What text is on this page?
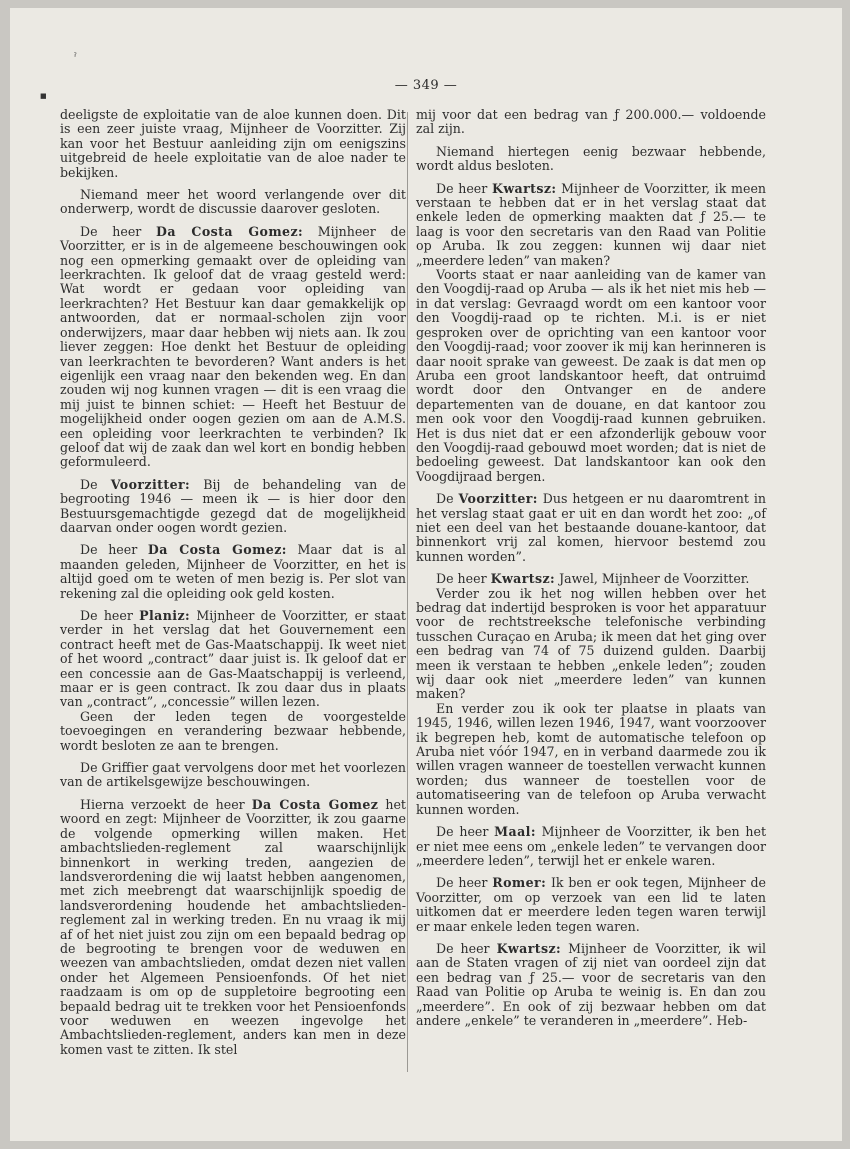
ˀ
■
— 349 —

deeligste de exploitatie van de aloe kunnen doen. Dit is een zeer juiste vraag, Mijnheer de Voorzitter. Zij kan voor het Bestuur aanleiding zijn om eenigszins uitgebreid de heele exploitatie van de aloe nader te bekijken.

Niemand meer het woord verlangende over dit onderwerp, wordt de discussie daarover gesloten.

De heer Da Costa Gomez: Mijnheer de Voorzitter, er is in de algemeene beschouwingen ook nog een opmerking gemaakt over de opleiding van leerkrachten. Ik geloof dat de vraag gesteld werd: Wat wordt er gedaan voor opleiding van leerkrachten? Het Bestuur kan daar gemakkelijk op antwoorden, dat er normaal-scholen zijn voor onderwijzers, maar daar hebben wij niets aan. Ik zou liever zeggen: Hoe denkt het Bestuur de opleiding van leerkrachten te bevorderen? Want anders is het eigenlijk een vraag naar den bekenden weg. En dan zouden wij nog kunnen vragen — dit is een vraag die mij juist te binnen schiet: — Heeft het Bestuur de mogelijkheid onder oogen gezien om aan de A.M.S. een opleiding voor leerkrachten te verbinden? Ik geloof dat wij de zaak dan wel kort en bondig hebben geformuleerd.

De Voorzitter: Bij de behandeling van de begrooting 1946 — meen ik — is hier door den Bestuursgemachtigde gezegd dat de mogelijkheid daarvan onder oogen wordt gezien.

De heer Da Costa Gomez: Maar dat is al maanden geleden, Mijnheer de Voorzitter, en het is altijd goed om te weten of men bezig is. Per slot van rekening zal die opleiding ook geld kosten.

De heer Planiz: Mijnheer de Voorzitter, er staat verder in het verslag dat het Gouvernement een contract heeft met de Gas-Maatschappij. Ik weet niet of het woord „contract” daar juist is. Ik geloof dat er een concessie aan de Gas-Maatschappij is verleend, maar er is geen contract. Ik zou daar dus in plaats van „contract”, „concessie” willen lezen.

Geen der leden tegen de voorgestelde toevoegingen en verandering bezwaar hebbende, wordt besloten ze aan te brengen.

De Griffier gaat vervolgens door met het voorlezen van de artikelsgewijze beschouwingen.

Hierna verzoekt de heer Da Costa Gomez het woord en zegt: Mijnheer de Voorzitter, ik zou gaarne de volgende opmerking willen maken. Het ambachtslieden-reglement zal waarschijnlijk binnenkort in werking treden, aangezien de landsverordening die wij laatst hebben aangenomen, met zich meebrengt dat waarschijnlijk spoedig de landsverordening houdende het ambachtslieden-reglement zal in werking treden. En nu vraag ik mij af of het niet juist zou zijn om een bepaald bedrag op de begrooting te brengen voor de weduwen en weezen van ambachtslieden, omdat dezen niet vallen onder het Algemeen Pensioenfonds. Of het niet raadzaam is om op de suppletoire begrooting een bepaald bedrag uit te trekken voor het Pensioenfonds voor weduwen en weezen ingevolge het Ambachtslieden-reglement, anders kan men in deze komen vast te zitten. Ik stel

mij voor dat een bedrag van ƒ 200.000.— voldoende zal zijn.

Niemand hiertegen eenig bezwaar hebbende, wordt aldus besloten.

De heer Kwartsz: Mijnheer de Voorzitter, ik meen verstaan te hebben dat er in het verslag staat dat enkele leden de opmerking maakten dat ƒ 25.— te laag is voor den secretaris van den Raad van Politie op Aruba. Ik zou zeggen: kunnen wij daar niet „meerdere leden” van maken?

Voorts staat er naar aanleiding van de kamer van den Voogdij-raad op Aruba — als ik het niet mis heb — in dat verslag: Gevraagd wordt om een kantoor voor den Voogdij-raad op te richten. M.i. is er niet gesproken over de oprichting van een kantoor voor den Voogdij-raad; voor zoover ik mij kan herinneren is daar nooit sprake van geweest. De zaak is dat men op Aruba een groot landskantoor heeft, dat ontruimd wordt door den Ontvanger en de andere departementen van de douane, en dat kantoor zou men ook voor den Voogdij-raad kunnen gebruiken. Het is dus niet dat er een afzonderlijk gebouw voor den Voogdij-raad gebouwd moet worden; dat is niet de bedoeling geweest. Dat landskantoor kan ook den Voogdijraad bergen.

De Voorzitter: Dus hetgeen er nu daaromtrent in het verslag staat gaat er uit en dan wordt het zoo: „of niet een deel van het bestaande douane-kantoor, dat binnenkort vrij zal komen, hiervoor bestemd zou kunnen worden”.

De heer Kwartsz: Jawel, Mijnheer de Voorzitter.

Verder zou ik het nog willen hebben over het bedrag dat indertijd besproken is voor het apparatuur voor de rechtstreeksche telefonische verbinding tusschen Curaçao en Aruba; ik meen dat het ging over een bedrag van 74 of 75 duizend gulden. Daarbij meen ik verstaan te hebben „enkele leden”; zouden wij daar ook niet „meerdere leden” van kunnen maken?

En verder zou ik ook ter plaatse in plaats van 1945, 1946, willen lezen 1946, 1947, want voorzoover ik begrepen heb, komt de automatische telefoon op Aruba niet vóór 1947, en in verband daarmede zou ik willen vragen wanneer de toestellen verwacht kunnen worden; dus wanneer de toestellen voor de automatiseering van de telefoon op Aruba verwacht kunnen worden.

De heer Maal: Mijnheer de Voorzitter, ik ben het er niet mee eens om „enkele leden” te vervangen door „meerdere leden”, terwijl het er enkele waren.

De heer Romer: Ik ben er ook tegen, Mijnheer de Voorzitter, om op verzoek van een lid te laten uitkomen dat er meerdere leden tegen waren terwijl er maar enkele leden tegen waren.

De heer Kwartsz: Mijnheer de Voorzitter, ik wil aan de Staten vragen of zij niet van oordeel zijn dat een bedrag van ƒ 25.— voor de secretaris van den Raad van Politie op Aruba te weinig is. En dan zou „meerdere”. En ook of zij bezwaar hebben om dat andere „enkele” te veranderen in „meerdere”. Heb-
